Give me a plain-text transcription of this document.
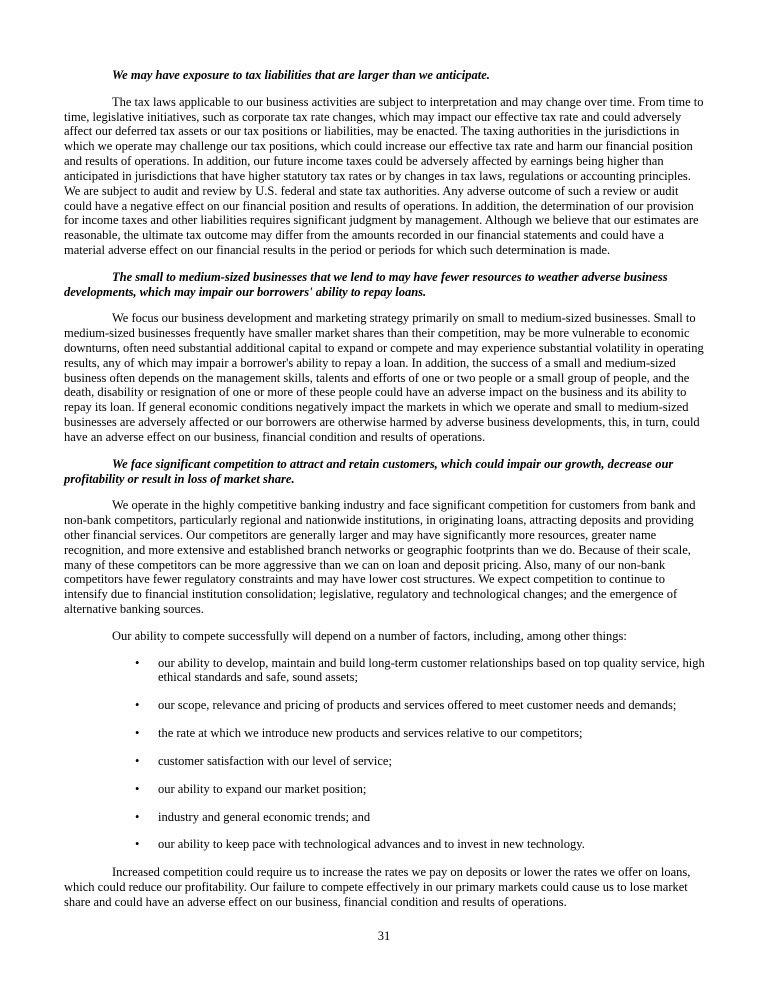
We may have exposure to tax liabilities that are larger than we anticipate.

The tax laws applicable to our business activities are subject to interpretation and may change over time. From time to time, legislative initiatives, such as corporate tax rate changes, which may impact our effective tax rate and could adversely affect our deferred tax assets or our tax positions or liabilities, may be enacted. The taxing authorities in the jurisdictions in which we operate may challenge our tax positions, which could increase our effective tax rate and harm our financial position and results of operations. In addition, our future income taxes could be adversely affected by earnings being higher than anticipated in jurisdictions that have higher statutory tax rates or by changes in tax laws, regulations or accounting principles. We are subject to audit and review by U.S. federal and state tax authorities. Any adverse outcome of such a review or audit could have a negative effect on our financial position and results of operations. In addition, the determination of our provision for income taxes and other liabilities requires significant judgment by management. Although we believe that our estimates are reasonable, the ultimate tax outcome may differ from the amounts recorded in our financial statements and could have a material adverse effect on our financial results in the period or periods for which such determination is made.

The small to medium-sized businesses that we lend to may have fewer resources to weather adverse business developments, which may impair our borrowers' ability to repay loans.

We focus our business development and marketing strategy primarily on small to medium-sized businesses. Small to medium-sized businesses frequently have smaller market shares than their competition, may be more vulnerable to economic downturns, often need substantial additional capital to expand or compete and may experience substantial volatility in operating results, any of which may impair a borrower's ability to repay a loan. In addition, the success of a small and medium-sized business often depends on the management skills, talents and efforts of one or two people or a small group of people, and the death, disability or resignation of one or more of these people could have an adverse impact on the business and its ability to repay its loan. If general economic conditions negatively impact the markets in which we operate and small to medium-sized businesses are adversely affected or our borrowers are otherwise harmed by adverse business developments, this, in turn, could have an adverse effect on our business, financial condition and results of operations.

We face significant competition to attract and retain customers, which could impair our growth, decrease our profitability or result in loss of market share.

We operate in the highly competitive banking industry and face significant competition for customers from bank and non-bank competitors, particularly regional and nationwide institutions, in originating loans, attracting deposits and providing other financial services. Our competitors are generally larger and may have significantly more resources, greater name recognition, and more extensive and established branch networks or geographic footprints than we do. Because of their scale, many of these competitors can be more aggressive than we can on loan and deposit pricing. Also, many of our non-bank competitors have fewer regulatory constraints and may have lower cost structures. We expect competition to continue to intensify due to financial institution consolidation; legislative, regulatory and technological changes; and the emergence of alternative banking sources.

Our ability to compete successfully will depend on a number of factors, including, among other things:

•	our ability to develop, maintain and build long-term customer relationships based on top quality service, high ethical standards and safe, sound assets;
•	our scope, relevance and pricing of products and services offered to meet customer needs and demands;
•	the rate at which we introduce new products and services relative to our competitors;
•	customer satisfaction with our level of service;
•	our ability to expand our market position;
•	industry and general economic trends; and
•	our ability to keep pace with technological advances and to invest in new technology.

Increased competition could require us to increase the rates we pay on deposits or lower the rates we offer on loans, which could reduce our profitability. Our failure to compete effectively in our primary markets could cause us to lose market share and could have an adverse effect on our business, financial condition and results of operations.

31
